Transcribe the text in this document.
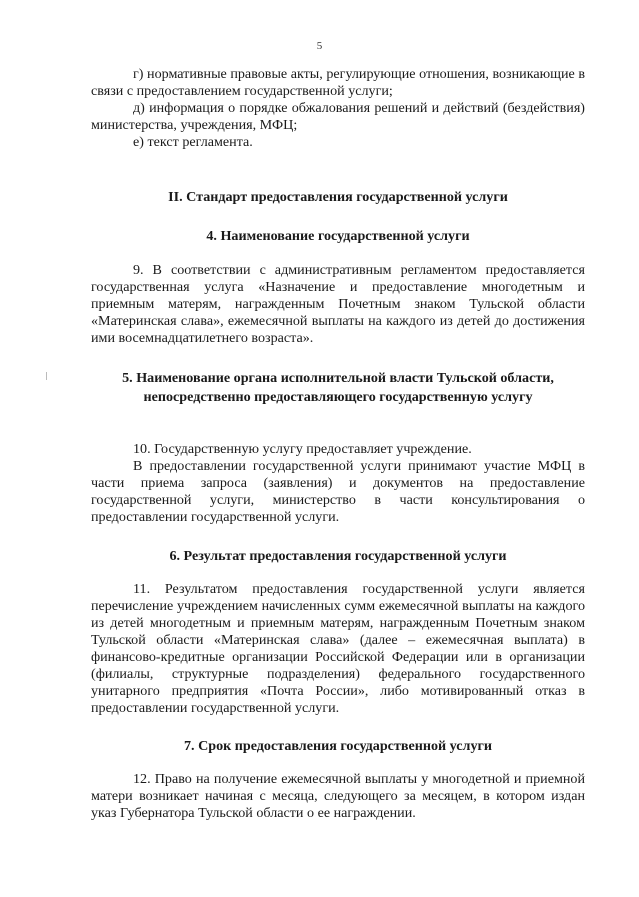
5

г) нормативные правовые акты, регулирующие отношения, возникающие в связи с предоставлением государственной услуги;

д) информация о порядке обжалования решений и действий (бездействия) министерства, учреждения, МФЦ;

е) текст регламента.

II. Стандарт предоставления государственной услуги

4. Наименование государственной услуги

9. В соответствии с административным регламентом предоставляется государственная услуга «Назначение и предоставление многодетным и приемным матерям, награжденным Почетным знаком Тульской области «Материнская слава», ежемесячной выплаты на каждого из детей до достижения ими восемнадцатилетнего возраста».

5. Наименование органа исполнительной власти Тульской области,

непосредственно предоставляющего государственную услугу

10. Государственную услугу предоставляет учреждение.

В предоставлении государственной услуги принимают участие МФЦ в части приема запроса (заявления) и документов на предоставление государственной услуги, министерство в части консультирования о предоставлении государственной услуги.

6. Результат предоставления государственной услуги

11. Результатом предоставления государственной услуги является перечисление учреждением начисленных сумм ежемесячной выплаты на каждого из детей многодетным и приемным матерям, награжденным Почетным знаком Тульской области «Материнская слава» (далее – ежемесячная выплата) в финансово-кредитные организации Российской Федерации или в организации (филиалы, структурные подразделения) федерального государственного унитарного предприятия «Почта России», либо мотивированный отказ в предоставлении государственной услуги.

7. Срок предоставления государственной услуги

12. Право на получение ежемесячной выплаты у многодетной и приемной матери возникает начиная с месяца, следующего за месяцем, в котором издан указ Губернатора Тульской области о ее награждении.
